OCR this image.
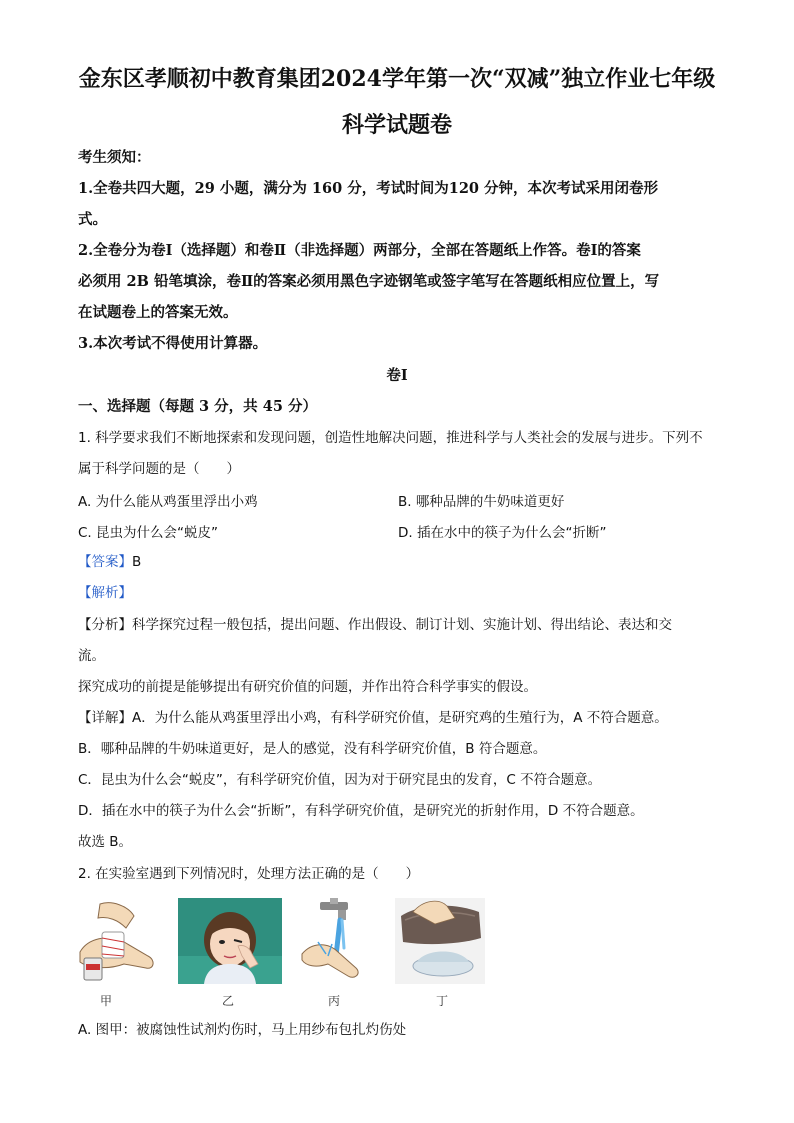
金东区孝顺初中教育集团2024学年第一次“双减”独立作业七年级
科学试题卷
考生须知：
1.全卷共四大题，29 小题，满分为 160 分，考试时间为120 分钟，本次考试采用闭卷形
式。
2.全卷分为卷Ⅰ（选择题）和卷Ⅱ（非选择题）两部分，全部在答题纸上作答。卷Ⅰ的答案
必须用 2B 铅笔填涂，卷Ⅱ的答案必须用黑色字迹钢笔或签字笔写在答题纸相应位置上，写
在试题卷上的答案无效。
3.本次考试不得使用计算器。
卷Ⅰ
一、选择题（每题 3 分，共 45 分）
1. 科学要求我们不断地探索和发现问题，创造性地解决问题，推进科学与人类社会的发展与进步。下列不
属于科学问题的是（　　）
A. 为什么能从鸡蛋里浮出小鸡	B. 哪种品牌的牛奶味道更好
C. 昆虫为什么会“蜕皮”	D. 插在水中的筷子为什么会“折断”
【答案】B
【解析】
【分析】科学探究过程一般包括，提出问题、作出假设、制订计划、实施计划、得出结论、表达和交
流。
探究成功的前提是能够提出有研究价值的问题，并作出符合科学事实的假设。
【详解】A．为什么能从鸡蛋里浮出小鸡，有科学研究价值，是研究鸡的生殖行为，A 不符合题意。
B．哪种品牌的牛奶味道更好，是人的感觉，没有科学研究价值，B 符合题意。
C．昆虫为什么会“蜕皮”，有科学研究价值，因为对于研究昆虫的发育，C 不符合题意。
D．插在水中的筷子为什么会“折断”，有科学研究价值，是研究光的折射作用，D 不符合题意。
故选 B。
2. 在实验室遇到下列情况时，处理方法正确的是（　　）
甲	乙	丙	丁
A. 图甲：被腐蚀性试剂灼伤时，马上用纱布包扎灼伤处
